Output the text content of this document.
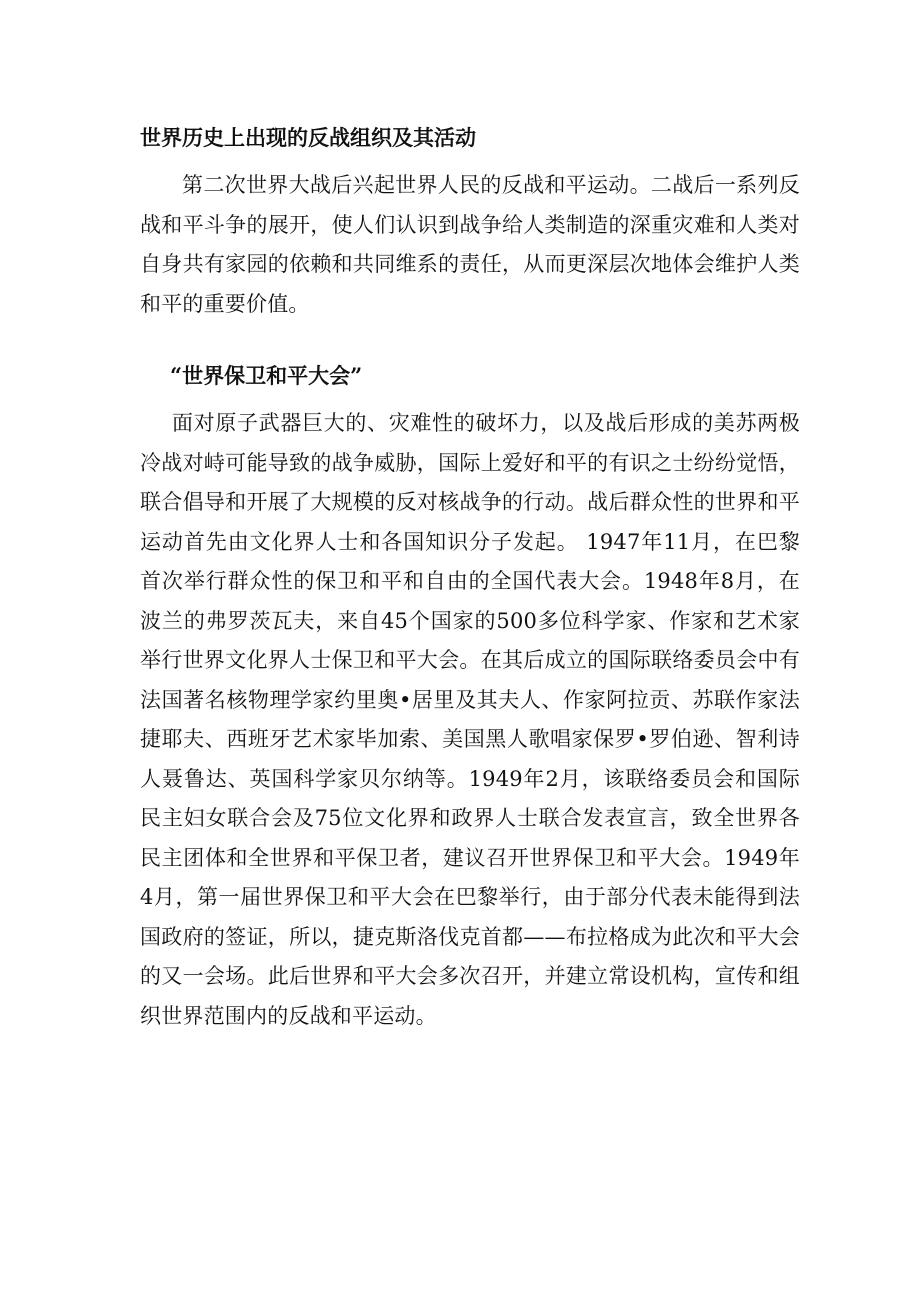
世界历史上出现的反战组织及其活动

第二次世界大战后兴起世界人民的反战和平运动。二战后一系列反战和平斗争的展开，使人们认识到战争给人类制造的深重灾难和人类对自身共有家园的依赖和共同维系的责任，从而更深层次地体会维护人类和平的重要价值。

“世界保卫和平大会”

面对原子武器巨大的、灾难性的破坏力，以及战后形成的美苏两极冷战对峙可能导致的战争威胁，国际上爱好和平的有识之士纷纷觉悟，联合倡导和开展了大规模的反对核战争的行动。战后群众性的世界和平运动首先由文化界人士和各国知识分子发起。 1947年11月，在巴黎首次举行群众性的保卫和平和自由的全国代表大会。1948年8月，在波兰的弗罗茨瓦夫，来自45个国家的500多位科学家、作家和艺术家举行世界文化界人士保卫和平大会。在其后成立的国际联络委员会中有法国著名核物理学家约里奥•居里及其夫人、作家阿拉贡、苏联作家法捷耶夫、西班牙艺术家毕加索、美国黑人歌唱家保罗•罗伯逊、智利诗人聂鲁达、英国科学家贝尔纳等。1949年2月，该联络委员会和国际民主妇女联合会及75位文化界和政界人士联合发表宣言，致全世界各民主团体和全世界和平保卫者，建议召开世界保卫和平大会。1949年4月，第一届世界保卫和平大会在巴黎举行，由于部分代表未能得到法国政府的签证，所以，捷克斯洛伐克首都——布拉格成为此次和平大会的又一会场。此后世界和平大会多次召开，并建立常设机构，宣传和组织世界范围内的反战和平运动。
